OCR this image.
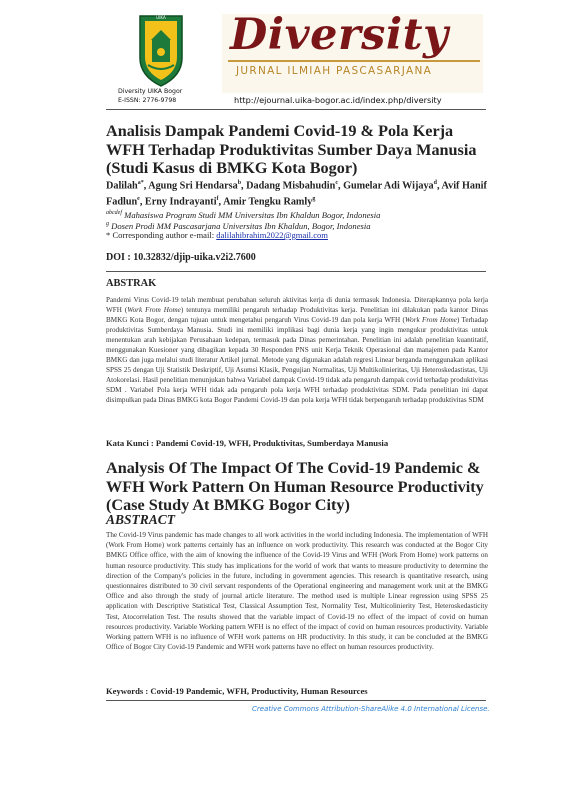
UIKA Diversity
JURNAL ILMIAH PASCASARJANA
Diversity UIKA Bogor
E-ISSN: 2776-9798	http://ejournal.uika-bogor.ac.id/index.php/diversity
Analisis Dampak Pandemi Covid-19 & Pola Kerja WFH Terhadap Produktivitas Sumber Daya Manusia (Studi Kasus di BMKG Kota Bogor)
Dalilah$^{a*}$, Agung Sri Hendarsa$^b$, Dadang Misbahudin$^c$, Gumelar Adi Wijaya$^d$, Avif Hanif Fadlun$^e$, Erny Indrayanti$^f$, Amir Tengku Ramly$^g$
$^{abcdef}$ Mahasiswa Program Studi MM Universitas Ibn Khaldun Bogor, Indonesia
$^g$ Dosen Prodi MM Pascasarjana Universitas Ibn Khaldun, Bogor, Indonesia
* Corresponding author e-mail: dalilahibrahim2022@gmail.com
DOI : 10.32832/djip-uika.v2i2.7600
ABSTRAK
Pandemi Virus Covid-19 telah membuat perubahan seluruh aktivitas kerja di dunia termasuk Indonesia. Diterapkannya pola kerja WFH (Work From Home) tentunya memiliki pengaruh terhadap Produktivitas kerja. Penelitian ini dilakukan pada kantor Dinas BMKG Kota Bogor, dengan tujuan untuk mengetahui pengaruh Virus Covid-19 dan pola kerja WFH (Work From Home) Terhadap produktivitas Sumberdaya Manusia. Studi ini memiliki implikasi bagi dunia kerja yang ingin mengukur produktivitas untuk menentukan arah kebijakan Perusahaan kedepan, termasuk pada Dinas pemerintahan. Penelitian ini adalah penelitian kuantitatif, menggunakan Kuesioner yang dibagikan kepada 30 Responden PNS unit Kerja Teknik Operasional dan manajemen pada Kantor BMKG dan juga melalui studi literatur Artikel jurnal. Metode yang digunakan adalah regresi Linear berganda menggunakan aplikasi SPSS 25 dengan Uji Statistik Deskriptif, Uji Asumsi Klasik, Pengujian Normalitas, Uji Multikolinieritas, Uji Heteroskedastistas, Uji Atokorelasi. Hasil penelitian menunjukan bahwa Variabel dampak Covid-19 tidak ada pengaruh dampak covid terhadap produktivitas SDM . Variabel Pola kerja WFH tidak ada pengaruh pola kerja WFH terhadap produktivitas SDM. Pada penelitian ini dapat disimpulkan pada Dinas BMKG kota Bogor Pandemi Covid-19 dan pola kerja WFH tidak berpengaruh terhadap produktivitas SDM
Kata Kunci : Pandemi Covid-19, WFH, Produktivitas, Sumberdaya Manusia
Analysis Of The Impact Of The Covid-19 Pandemic & WFH Work Pattern On Human Resource Productivity (Case Study At BMKG Bogor City)
ABSTRACT
The Covid-19 Virus pandemic has made changes to all work activities in the world including Indonesia. The implementation of WFH (Work From Home) work patterns certainly has an influence on work productivity. This research was conducted at the Bogor City BMKG Office office, with the aim of knowing the influence of the Covid-19 Virus and WFH (Work From Home) work patterns on human resource productivity. This study has implications for the world of work that wants to measure productivity to determine the direction of the Company's policies in the future, including in government agencies. This research is quantitative research, using questionnaires distributed to 30 civil servant respondents of the Operational engineering and management work unit at the BMKG Office and also through the study of journal article literature. The method used is multiple Linear regression using SPSS 25 application with Descriptive Statistical Test, Classical Assumption Test, Normality Test, Multicolinierity Test, Heteroskedasticity Test, Atocorrelation Test. The results showed that the variable impact of Covid-19 no effect of the impact of covid on human resources productivity. Variable Working pattern WFH is no effect of the impact of covid on human resources productivity. Variable Working pattern WFH is no influence of WFH work patterns on HR productivity. In this study, it can be concluded at the BMKG Office of Bogor City Covid-19 Pandemic and WFH work patterns have no effect on human resources productivity.
Keywords : Covid-19 Pandemic, WFH, Productivity, Human Resources
Creative Commons Attribution-ShareAlike 4.0 International License.
